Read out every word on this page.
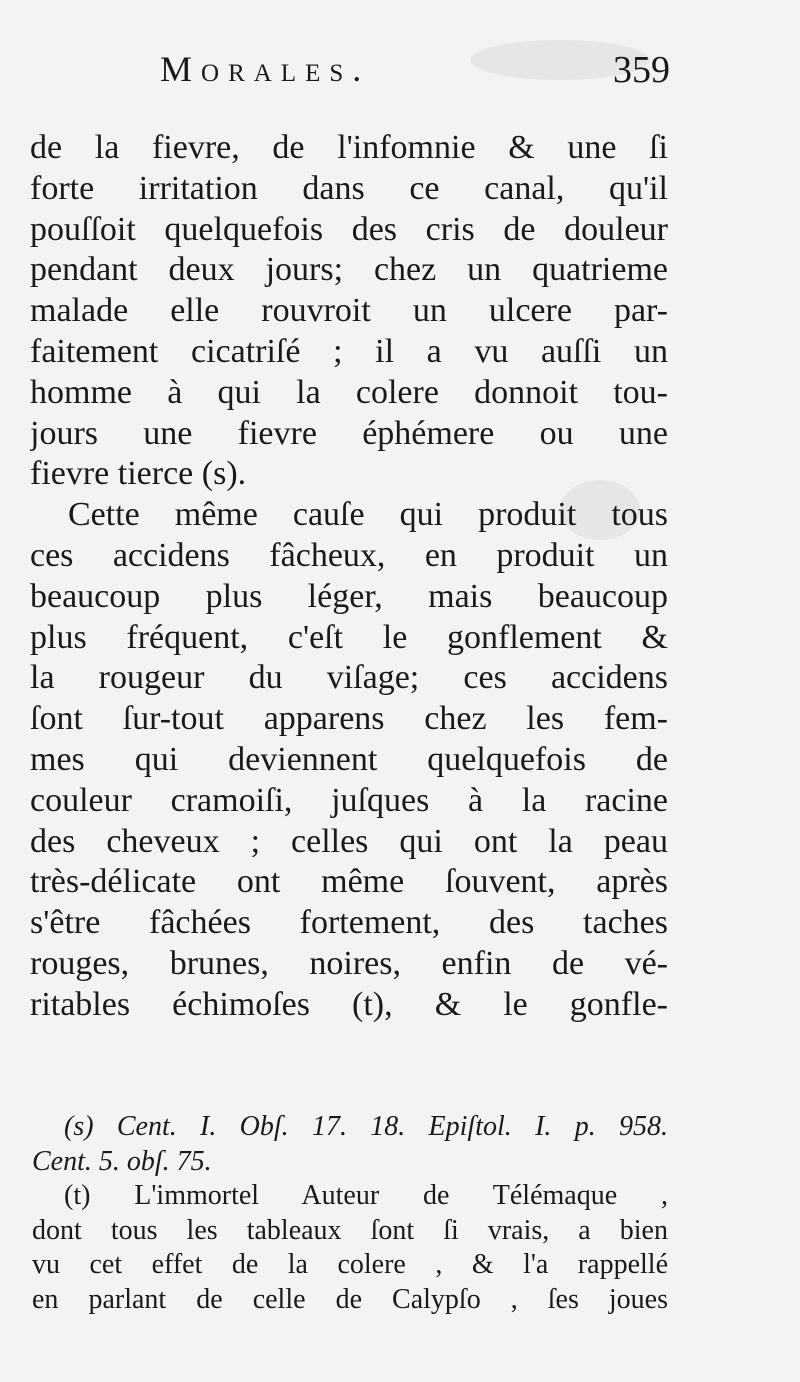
Morales.	359
de la fievre, de l'infomnie & une ſi
forte irritation dans ce canal, qu'il
pouſſoit quelquefois des cris de douleur
pendant deux jours; chez un quatrieme
malade elle rouvroit un ulcere par-
faitement cicatriſé ; il a vu auſſi un
homme à qui la colere donnoit tou-
jours une fievre éphémere ou une
fievre tierce (s).
Cette même cauſe qui produit tous
ces accidens fâcheux, en produit un
beaucoup plus léger, mais beaucoup
plus fréquent, c'eſt le gonflement &
la rougeur du viſage; ces accidens
ſont ſur-tout apparens chez les fem-
mes qui deviennent quelquefois de
couleur cramoiſi, juſques à la racine
des cheveux ; celles qui ont la peau
très-délicate ont même ſouvent, après
s'être fâchées fortement, des taches
rouges, brunes, noires, enfin de vé-
ritables échimoſes (t), & le gonfle-
(s) Cent. I. Obſ. 17. 18. Epiſtol. I. p. 958.
Cent. 5. obſ. 75.
(t) L'immortel Auteur de Télémaque ,
dont tous les tableaux ſont ſi vrais, a bien
vu cet effet de la colere , & l'a rappellé
en parlant de celle de Calypſo , ſes joues
